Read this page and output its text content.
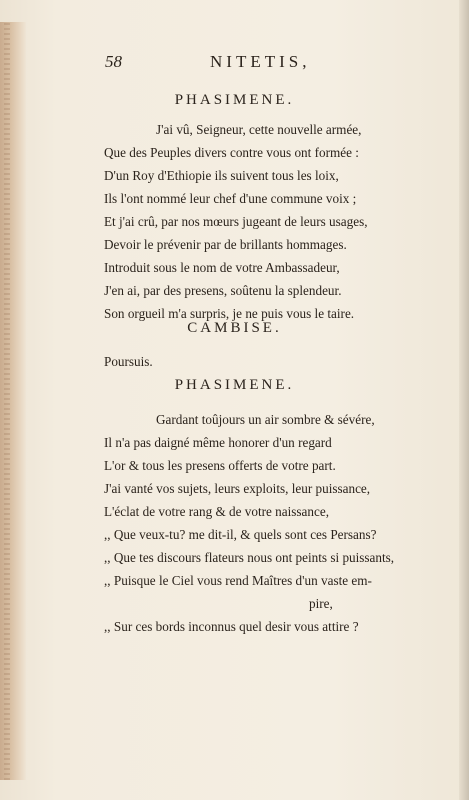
58	NITETIS,
PHASIMENE.
J'ai vû, Seigneur, cette nouvelle armée,
Que des Peuples divers contre vous ont formée :
D'un Roy d'Ethiopie ils suivent tous les loix,
Ils l'ont nommé leur chef d'une commune voix ;
Et j'ai crû, par nos mœurs jugeant de leurs usages,
Devoir le prévenir par de brillants hommages.
Introduit sous le nom de votre Ambassadeur,
J'en ai, par des presens, soûtenu la splendeur.
Son orgueil m'a surpris, je ne puis vous le taire.
CAMBISE.
Poursuis.
PHASIMENE.
Gardant toûjours un air sombre & sévére,
Il n'a pas daigné même honorer d'un regard
L'or & tous les presens offerts de votre part.
J'ai vanté vos sujets, leurs exploits, leur puissance,
L'éclat de votre rang & de votre naissance,
,, Que veux-tu? me dit-il, & quels sont ces Persans?
,, Que tes discours flateurs nous ont peints si puissants,
,, Puisque le Ciel vous rend Maîtres d'un vaste em-
pire,
,, Sur ces bords inconnus quel desir vous attire ?
